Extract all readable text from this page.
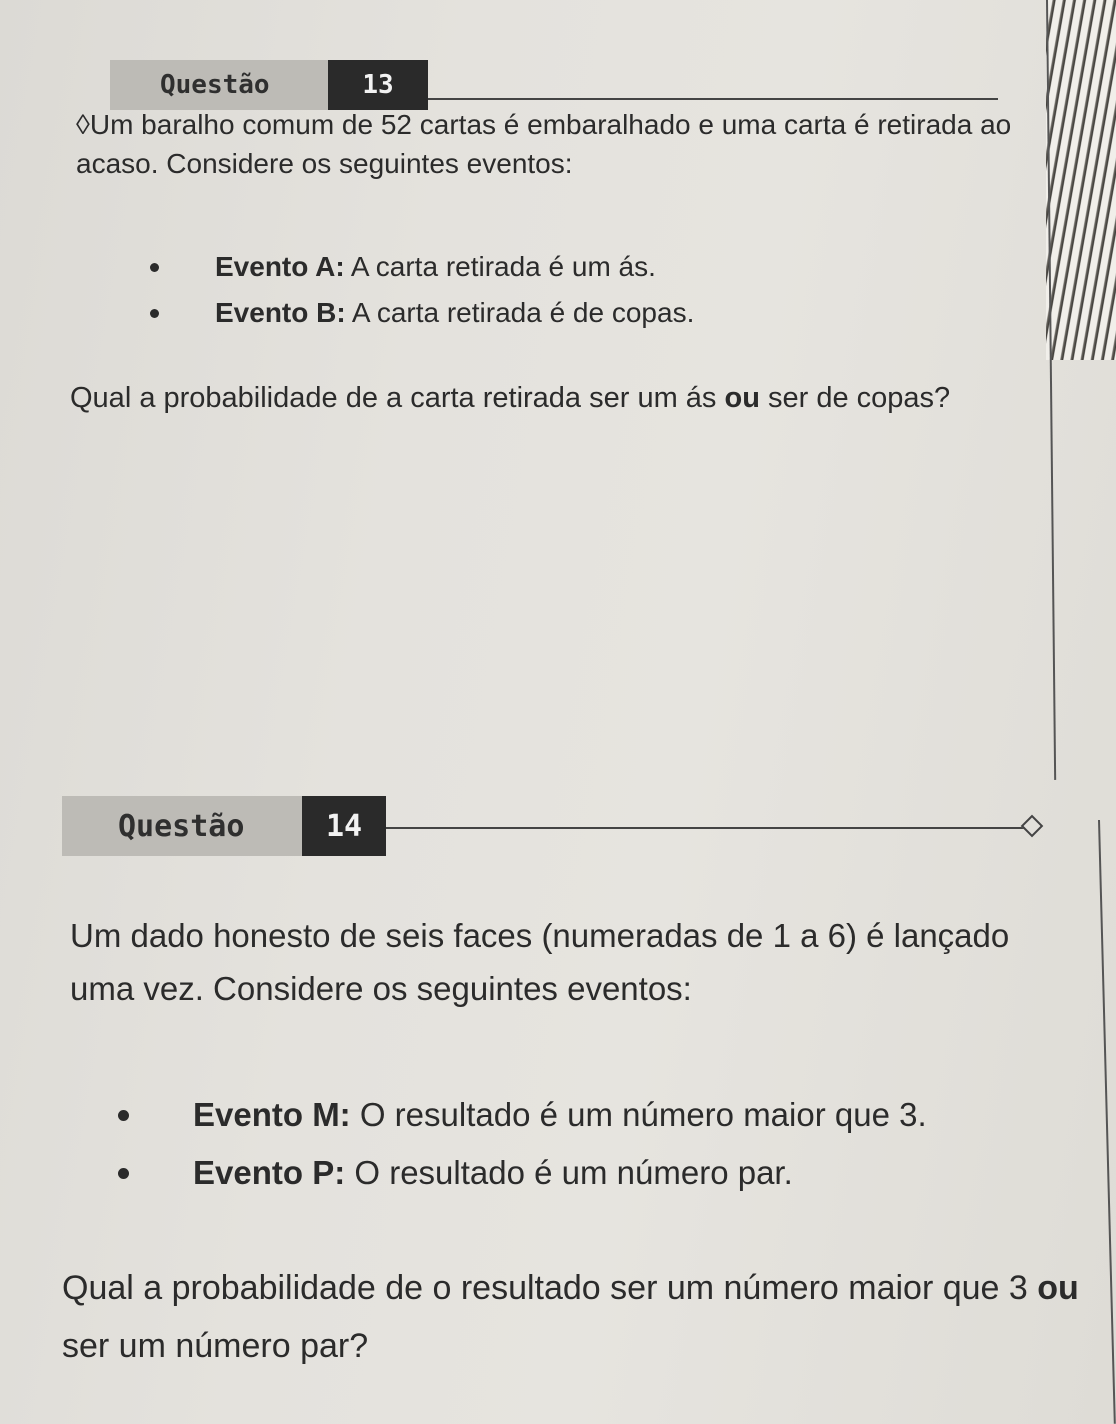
Questão	13
◊Um baralho comum de 52 cartas é embaralhado e uma carta é retirada ao acaso. Considere os seguintes eventos:
Evento A: A carta retirada é um ás.
Evento B: A carta retirada é de copas.
Qual a probabilidade de a carta retirada ser um ás ou ser de copas?
Questão	14
Um dado honesto de seis faces (numeradas de 1 a 6) é lançado uma vez. Considere os seguintes eventos:
Evento M: O resultado é um número maior que 3.
Evento P: O resultado é um número par.
Qual a probabilidade de o resultado ser um número maior que 3 ou ser um número par?
